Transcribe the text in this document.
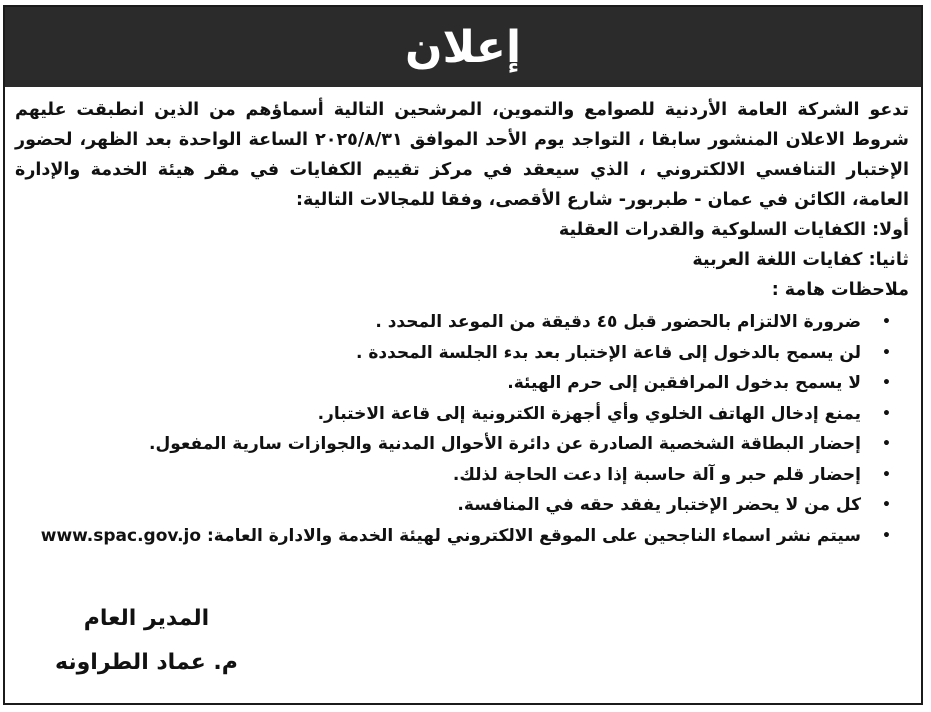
إعلان

تدعو الشركة العامة الأردنية للصوامع والتموين، المرشحين التالية أسماؤهم من الذين انطبقت عليهم شروط الاعلان المنشور سابقا ، التواجد يوم الأحد الموافق ٢٠٢٥/٨/٣١ الساعة الواحدة بعد الظهر، لحضور الإختبار التنافسي الالكتروني ، الذي سيعقد في مركز تقييم الكفايات في مقر هيئة الخدمة والإدارة العامة، الكائن في عمان - طبربور- شارع الأقصى، وفقا للمجالات التالية:

أولا: الكفايات السلوكية والقدرات العقلية

ثانيا: كفايات اللغة العربية

ملاحظات هامة :

•
ضرورة الالتزام بالحضور قبل ٤٥ دقيقة من الموعد المحدد .
•
لن يسمح بالدخول إلى قاعة الإختبار بعد بدء الجلسة المحددة .
•
لا يسمح بدخول المرافقين إلى حرم الهيئة.
•
يمنع إدخال الهاتف الخلوي وأي أجهزة الكترونية إلى قاعة الاختبار.
•
إحضار البطاقة الشخصية الصادرة عن دائرة الأحوال المدنية والجوازات سارية المفعول.
•
إحضار قلم حبر و آلة حاسبة إذا دعت الحاجة لذلك.
•
كل من لا يحضر الإختبار يفقد حقه في المنافسة.
•
سيتم نشر اسماء الناجحين على الموقع الالكتروني لهيئة الخدمة والادارة العامة: www.spac.gov.jo
المدير العام
م. عماد الطراونه
